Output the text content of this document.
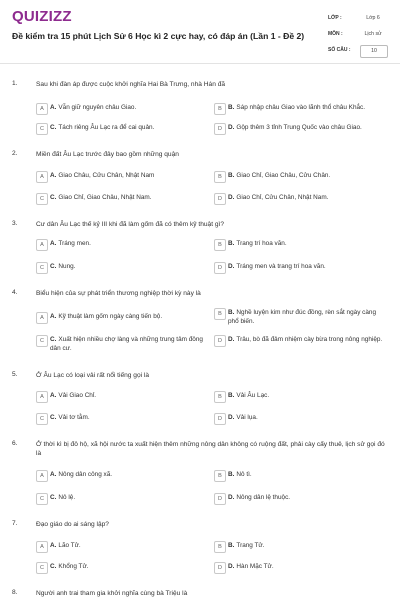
QUIZIZZ
Đề kiểm tra 15 phút Lịch Sử 6 Học kì 2 cực hay, có đáp án (Lần 1 - Đề 2)
LỚP :	Lớp 6
MÔN :	Lịch sử
SỐ CÂU :	10
1.	Sau khi đàn áp được cuộc khởi nghĩa Hai Bà Trưng, nhà Hán đã
A A. Vẫn giữ nguyên châu Giao.	B B. Sáp nhập châu Giao vào lãnh thổ châu Khắc.
C C. Tách riêng Âu Lạc ra để cai quản.	D D. Gộp thêm 3 tỉnh Trung Quốc vào châu Giao.
2.	Miền đất Âu Lạc trước đây bao gồm những quận
A A. Giao Châu, Cửu Chân, Nhật Nam	B B. Giao Chỉ, Giao Châu, Cửu Chân.
C C. Giao Chỉ, Giao Châu, Nhật Nam.	D D. Giao Chỉ, Cửu Chân, Nhật Nam.
3.	Cư dân Âu Lạc thế kỷ III khi đã làm gốm đã có thêm kỹ thuật gì?
A A. Tráng men.	B B. Trang trí hoa văn.
C C. Nung.	D D. Tráng men và trang trí hoa văn.
4.	Biểu hiện của sự phát triển thương nghiệp thời kỳ này là
A A. Kỹ thuật làm gốm ngày càng tiến bộ.	B B. Nghề luyện kim như đúc đồng, rèn sắt ngày càng phổ biến.
C C. Xuất hiện nhiều chợ làng và những trung tâm đông dân cư.
D D. Trâu, bò đã đảm nhiệm cày bừa trong nông nghiệp.
5.	Ở Âu Lạc có loại vải rất nổi tiếng gọi là
A A. Vải Giao Chỉ.	B B. Vải Âu Lạc.
C C. Vải tơ tằm.	D D. Vải lụa.
6.	Ở thời kì bị đô hộ, xã hội nước ta xuất hiện thêm những nông dân không có ruộng đất, phải cày cấy thuê, lịch sử gọi đó là
A A. Nông dân công xã.	B B. Nô tì.
C C. Nô lệ.	D D. Nông dân lệ thuộc.
7.	Đạo giáo do ai sáng lập?
A A. Lão Tử.	B B. Trang Tử.
C C. Khổng Tử.	D D. Hàn Mặc Tử.
8.	Người anh trai tham gia khởi nghĩa cùng bà Triệu là
